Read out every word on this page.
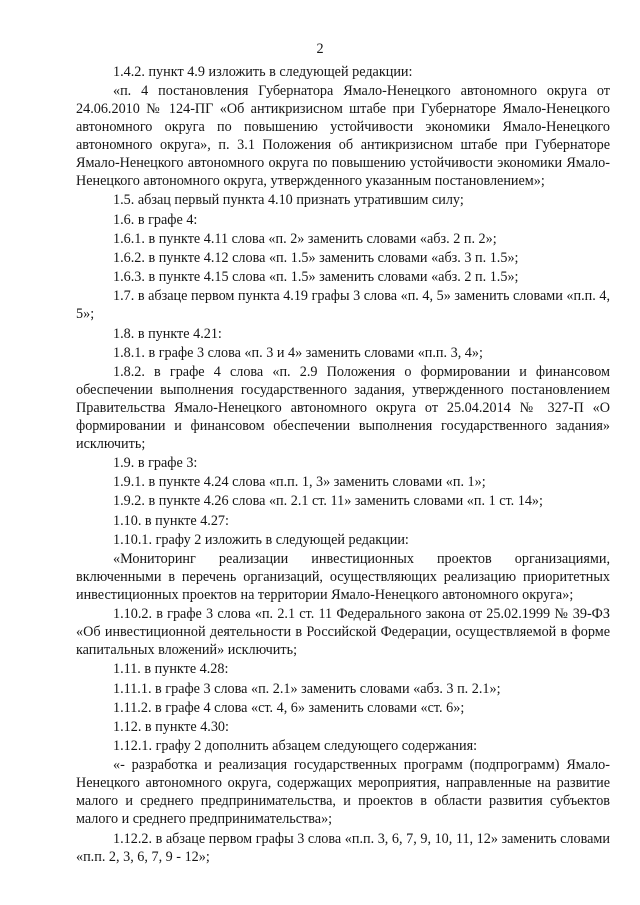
2

1.4.2. пункт 4.9 изложить в следующей редакции:

«п. 4 постановления Губернатора Ямало-Ненецкого автономного округа от 24.06.2010 № 124-ПГ «Об антикризисном штабе при Губернаторе Ямало-Ненецкого автономного округа по повышению устойчивости экономики Ямало-Ненецкого автономного округа», п. 3.1 Положения об антикризисном штабе при Губернаторе Ямало-Ненецкого автономного округа по повышению устойчивости экономики Ямало-Ненецкого автономного округа, утвержденного указанным постановлением»;

1.5. абзац первый пункта 4.10 признать утратившим силу;

1.6. в графе 4:

1.6.1. в пункте 4.11 слова «п. 2» заменить словами «абз. 2 п. 2»;

1.6.2. в пункте 4.12 слова «п. 1.5» заменить словами «абз. 3 п. 1.5»;

1.6.3. в пункте 4.15 слова «п. 1.5» заменить словами «абз. 2 п. 1.5»;

1.7. в абзаце первом пункта 4.19 графы 3 слова «п. 4, 5» заменить словами «п.п. 4, 5»;

1.8. в пункте 4.21:

1.8.1. в графе 3 слова «п. 3 и 4» заменить словами «п.п. 3, 4»;

1.8.2. в графе 4 слова «п. 2.9 Положения о формировании и финансовом обеспечении выполнения государственного задания, утвержденного постановлением Правительства Ямало-Ненецкого автономного округа от 25.04.2014 № 327-П «О формировании и финансовом обеспечении выполнения государственного задания» исключить;

1.9. в графе 3:

1.9.1. в пункте 4.24 слова «п.п. 1, 3» заменить словами «п. 1»;

1.9.2. в пункте 4.26 слова «п. 2.1 ст. 11» заменить словами «п. 1 ст. 14»;

1.10. в пункте 4.27:

1.10.1. графу 2 изложить в следующей редакции:

«Мониторинг реализации инвестиционных проектов организациями, включенными в перечень организаций, осуществляющих реализацию приоритетных инвестиционных проектов на территории Ямало-Ненецкого автономного округа»;

1.10.2. в графе 3 слова «п. 2.1 ст. 11 Федерального закона от 25.02.1999 № 39-ФЗ «Об инвестиционной деятельности в Российской Федерации, осуществляемой в форме капитальных вложений» исключить;

1.11. в пункте 4.28:

1.11.1. в графе 3 слова «п. 2.1» заменить словами «абз. 3 п. 2.1»;

1.11.2. в графе 4 слова «ст. 4, 6» заменить словами «ст. 6»;

1.12. в пункте 4.30:

1.12.1. графу 2 дополнить абзацем следующего содержания:

«- разработка и реализация государственных программ (подпрограмм) Ямало-Ненецкого автономного округа, содержащих мероприятия, направленные на развитие малого и среднего предпринимательства, и проектов в области развития субъектов малого и среднего предпринимательства»;

1.12.2. в абзаце первом графы 3 слова «п.п. 3, 6, 7, 9, 10, 11, 12» заменить словами «п.п. 2, 3, 6, 7, 9 - 12»;
